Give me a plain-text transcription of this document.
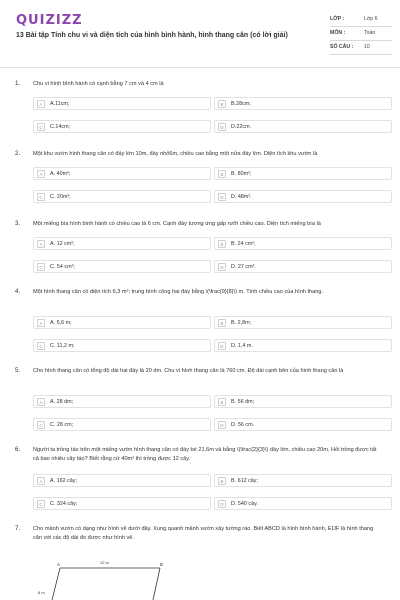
QUIZIZZ
13 Bài tập Tính chu vi và diện tích của hình bình hành, hình thang cân (có lời giải)
LỚP :	Lớp 6
MÔN :	Toán
SỐ CÂU : 10
1. Chu vi hình bình hành có cạnh bằng 7 cm và 4 cm là
A	A.11cm;	B	B.28cm;
C	C.14cm;	D	D.22cm.
2. Một khu vườn hình thang cân có đáy lớn 10m, đáy nhỏ6m, chiều cao bằng một nửa đáy lớn. Diện tích khu vườn là
A	A. 40m²;	B	B. 80m²;
C	C. 20m²;	D	D. 48m².
3. Một miếng bìa hình bình hành có chiều cao là 6 cm. Cạnh đáy tương ứng gấp rưỡi chiều cao. Diện tích miếng bìa là
A	A. 12 cm²;	B	B. 24 cm²;
C	C. 54 cm²;	D	D. 27 cm².
4. Một hình thang cân có diện tích 6,3 m²; trung bình cộng hai đáy bằng \(\frac{9}{8}\) m. Tính chiều cao của hình thang.
A	A. 5,6 m;	B	B. 2,8m;
C	C. 11,2 m;	D	D. 1,4 m.
5. Cho hình thang cân có tổng độ dài hai đáy là 20 dm. Chu vi hình thang cân là 760 cm. Độ dài cạnh bên của hình thang cân là
A	A. 28 dm;	B	B. 56 dm;
C	C. 28 cm;	D	D. 56 cm.
6. Người ta trồng táo trên một miếng vườn hình thang cân có đáy bé 21,6m và bằng \(\frac{2}{3}\) đáy lớn, chiều cao 20m. Hỏi trồng được tất cả bao nhiêu cây táo? Biết rằng cứ 40m² thì trồng được 12 cây.
A	A. 162 cây;	B	B. 612 cây;
C	C. 324 cây;	D	D. 540 cây.
7. Cho mảnh vườn có dạng như hình vẽ dưới đây. Xung quanh mảnh vườn xây tường rào. Biết ABCD là hình bình hành, EIJF là hình thang cân với các độ dài đo được như hình vẽ.
A	B
12 m
8 m
